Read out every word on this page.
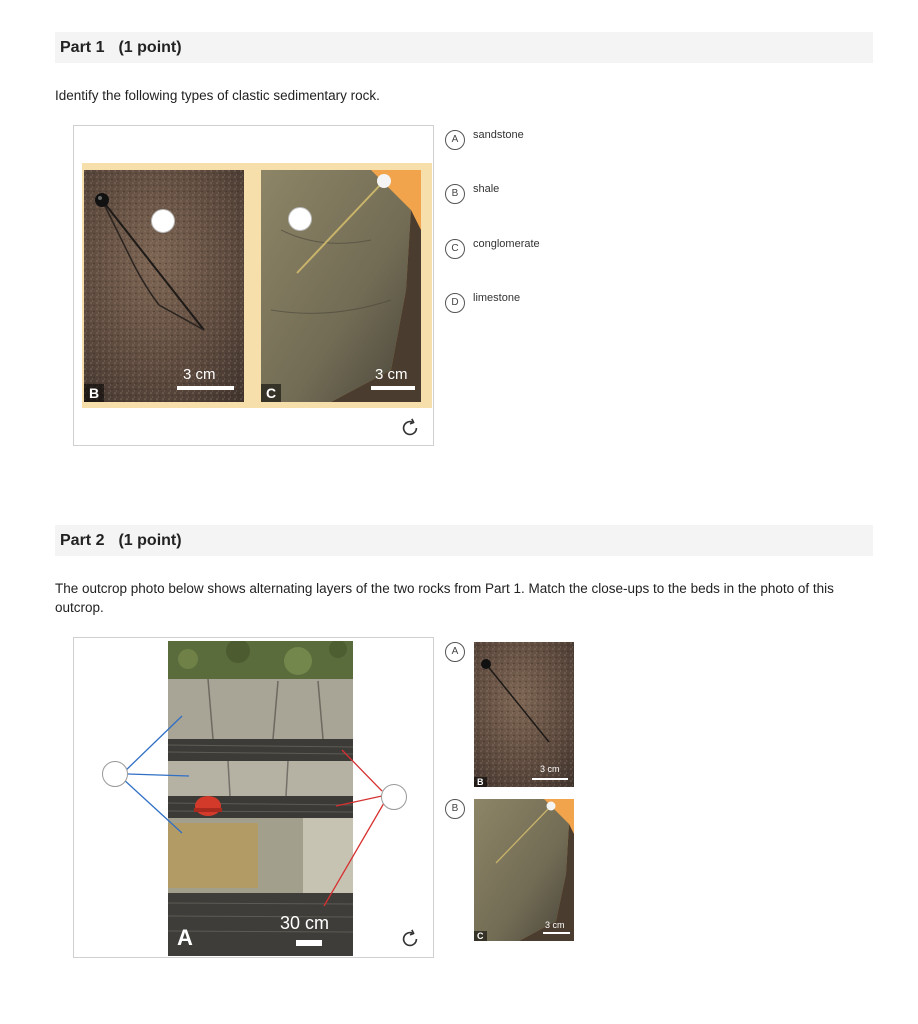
Part 1 (1 point)
Identify the following types of clastic sedimentary rock.
B
3 cm
C
3 cm
A	sandstone
B	shale
C	conglomerate
D	limestone
Part 2 (1 point)
The outcrop photo below shows alternating layers of the two rocks from Part 1. Match the close-ups to the beds in the photo of this outcrop.
A
30 cm
A
B
3 cm
B
C
3 cm
